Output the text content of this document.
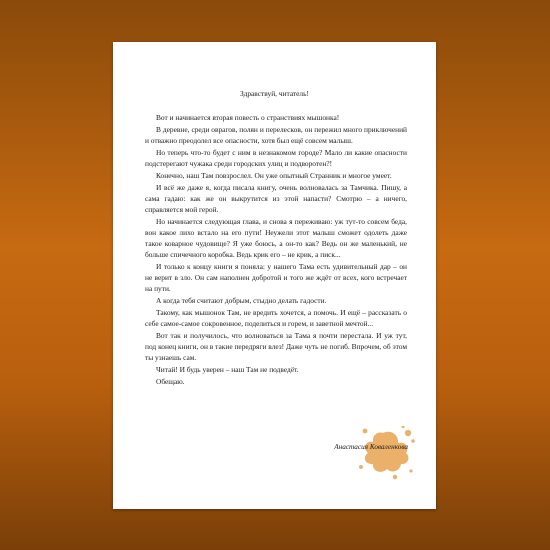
Здравствуй, читатель!

Вот и начинается вторая повесть о странствиях мышонка!

В деревне, среди оврагов, полян и перелесков, он пережил много приключений и отважно преодолел все опасности, хотя был ещё совсем малыш.

Но теперь что-то будет с ним в незнакомом городе? Мало ли какие опасности подстерегают чужака среди городских улиц и подворотен?!

Конечно, наш Там повзрослел. Он уже опытный Странник и многое умеет.

И всё же даже я, когда писала книгу, очень волновалась за Тамчика. Пишу, а сама гадаю: как же он выкрутится из этой напасти? Смотрю – а ничего, справляется мой герой.

Но начинается следующая глава, и снова я переживаю: уж тут-то совсем беда, вон какое лихо встало на его пути! Неужели этот малыш сможет одолеть даже такое коварное чудовище? Я уже боюсь, а он-то как? Ведь он же маленький, не больше спичечного коробка. Ведь крик его – не крик, а писк...

И только к концу книги я поняла: у нашего Тама есть удивительный дар – он не верит в зло. Он сам наполнен добротой и того же ждёт от всех, кого встречает на пути.

А когда тебя считают добрым, стыдно делать гадости.

Такому, как мышонок Там, не вредить хочется, а помочь. И ещё – рассказать о себе самое-самое сокровенное, поделиться и горем, и заветной мечтой...

Вот так и получилось, что волноваться за Тама я почти перестала. И уж тут, под конец книги, он в такие передряги влез! Даже чуть не погиб. Впрочем, об этом ты узнаешь сам.

Читай! И будь уверен – наш Там не подведёт.

Обещаю.

Анастасия Коваленкова
